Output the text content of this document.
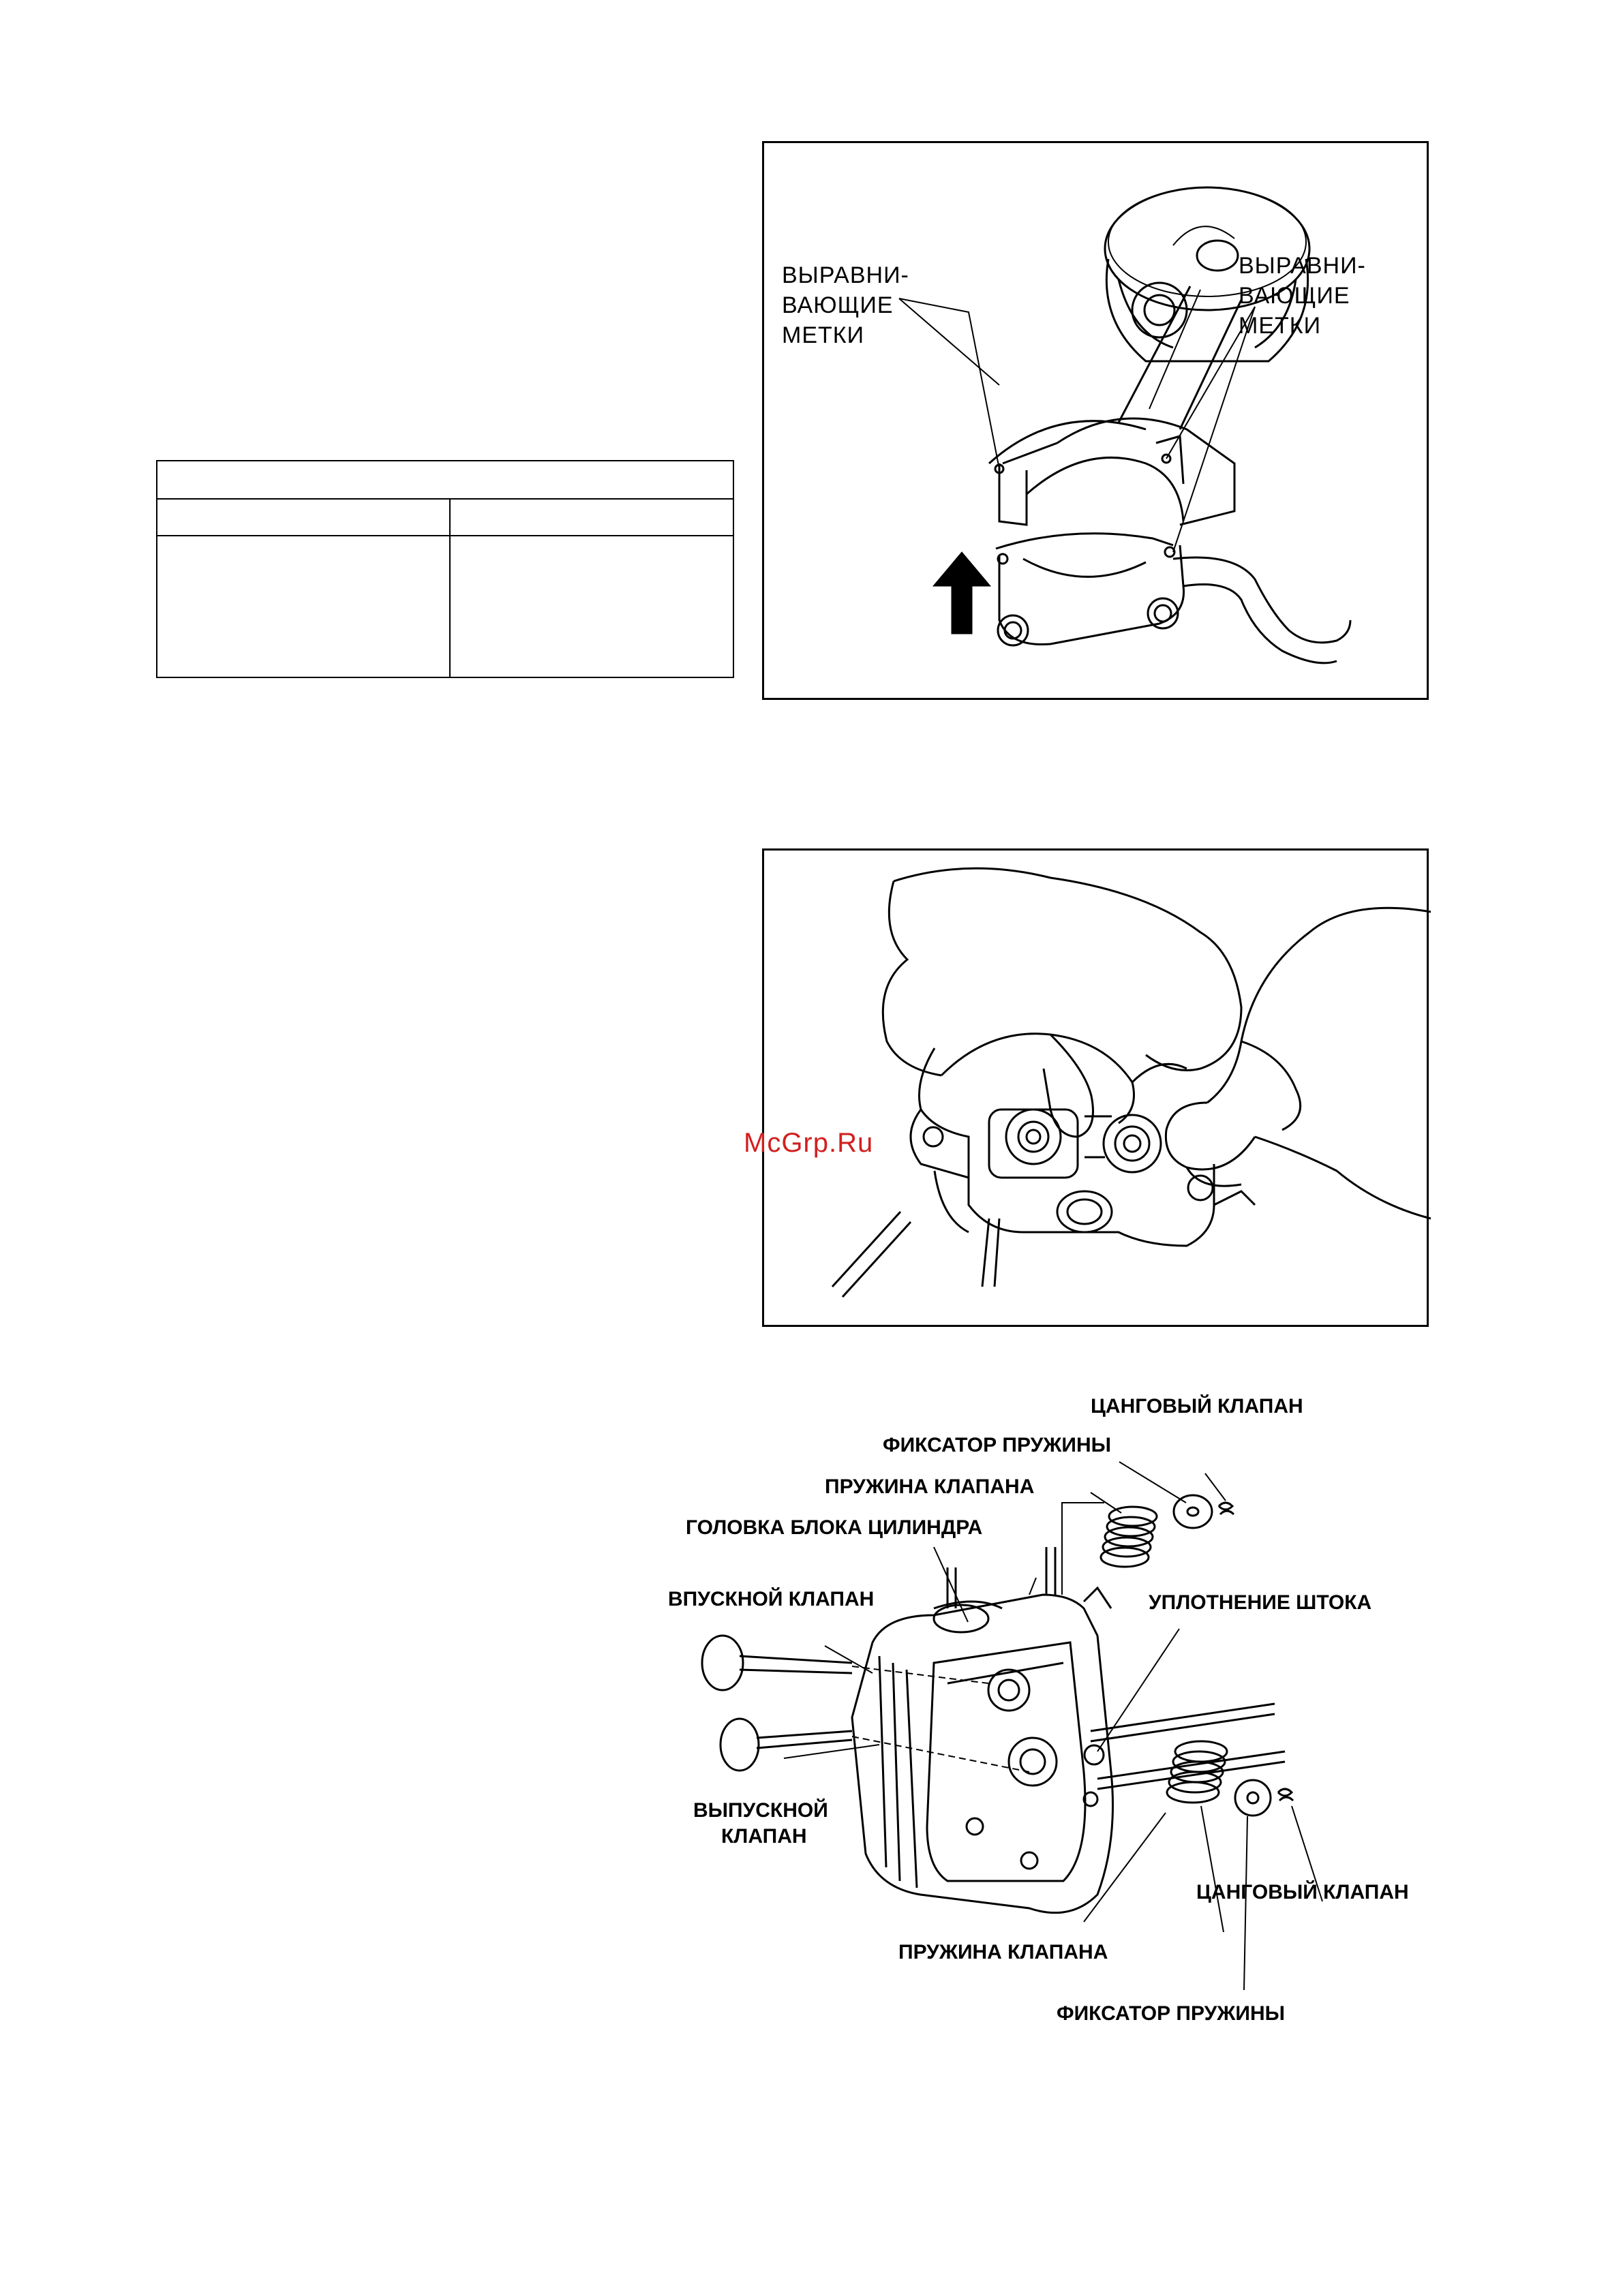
ВЫРАВНИ-
ВАЮЩИЕ
МЕТКИ
ВЫРАВНИ-
ВАЮЩИЕ
МЕТКИ
McGrp.Ru
ЦАНГОВЫЙ КЛАПАН
ФИКСАТОР ПРУЖИНЫ
ПРУЖИНА КЛАПАНА
ГОЛОВКА БЛОКА ЦИЛИНДРА
ВПУСКНОЙ КЛАПАН	УПЛОТНЕНИЕ ШТОКА
ВЫПУСКНОЙ
КЛАПАН
ЦАНГОВЫЙ КЛАПАН
ПРУЖИНА КЛАПАНА
ФИКСАТОР ПРУЖИНЫ
